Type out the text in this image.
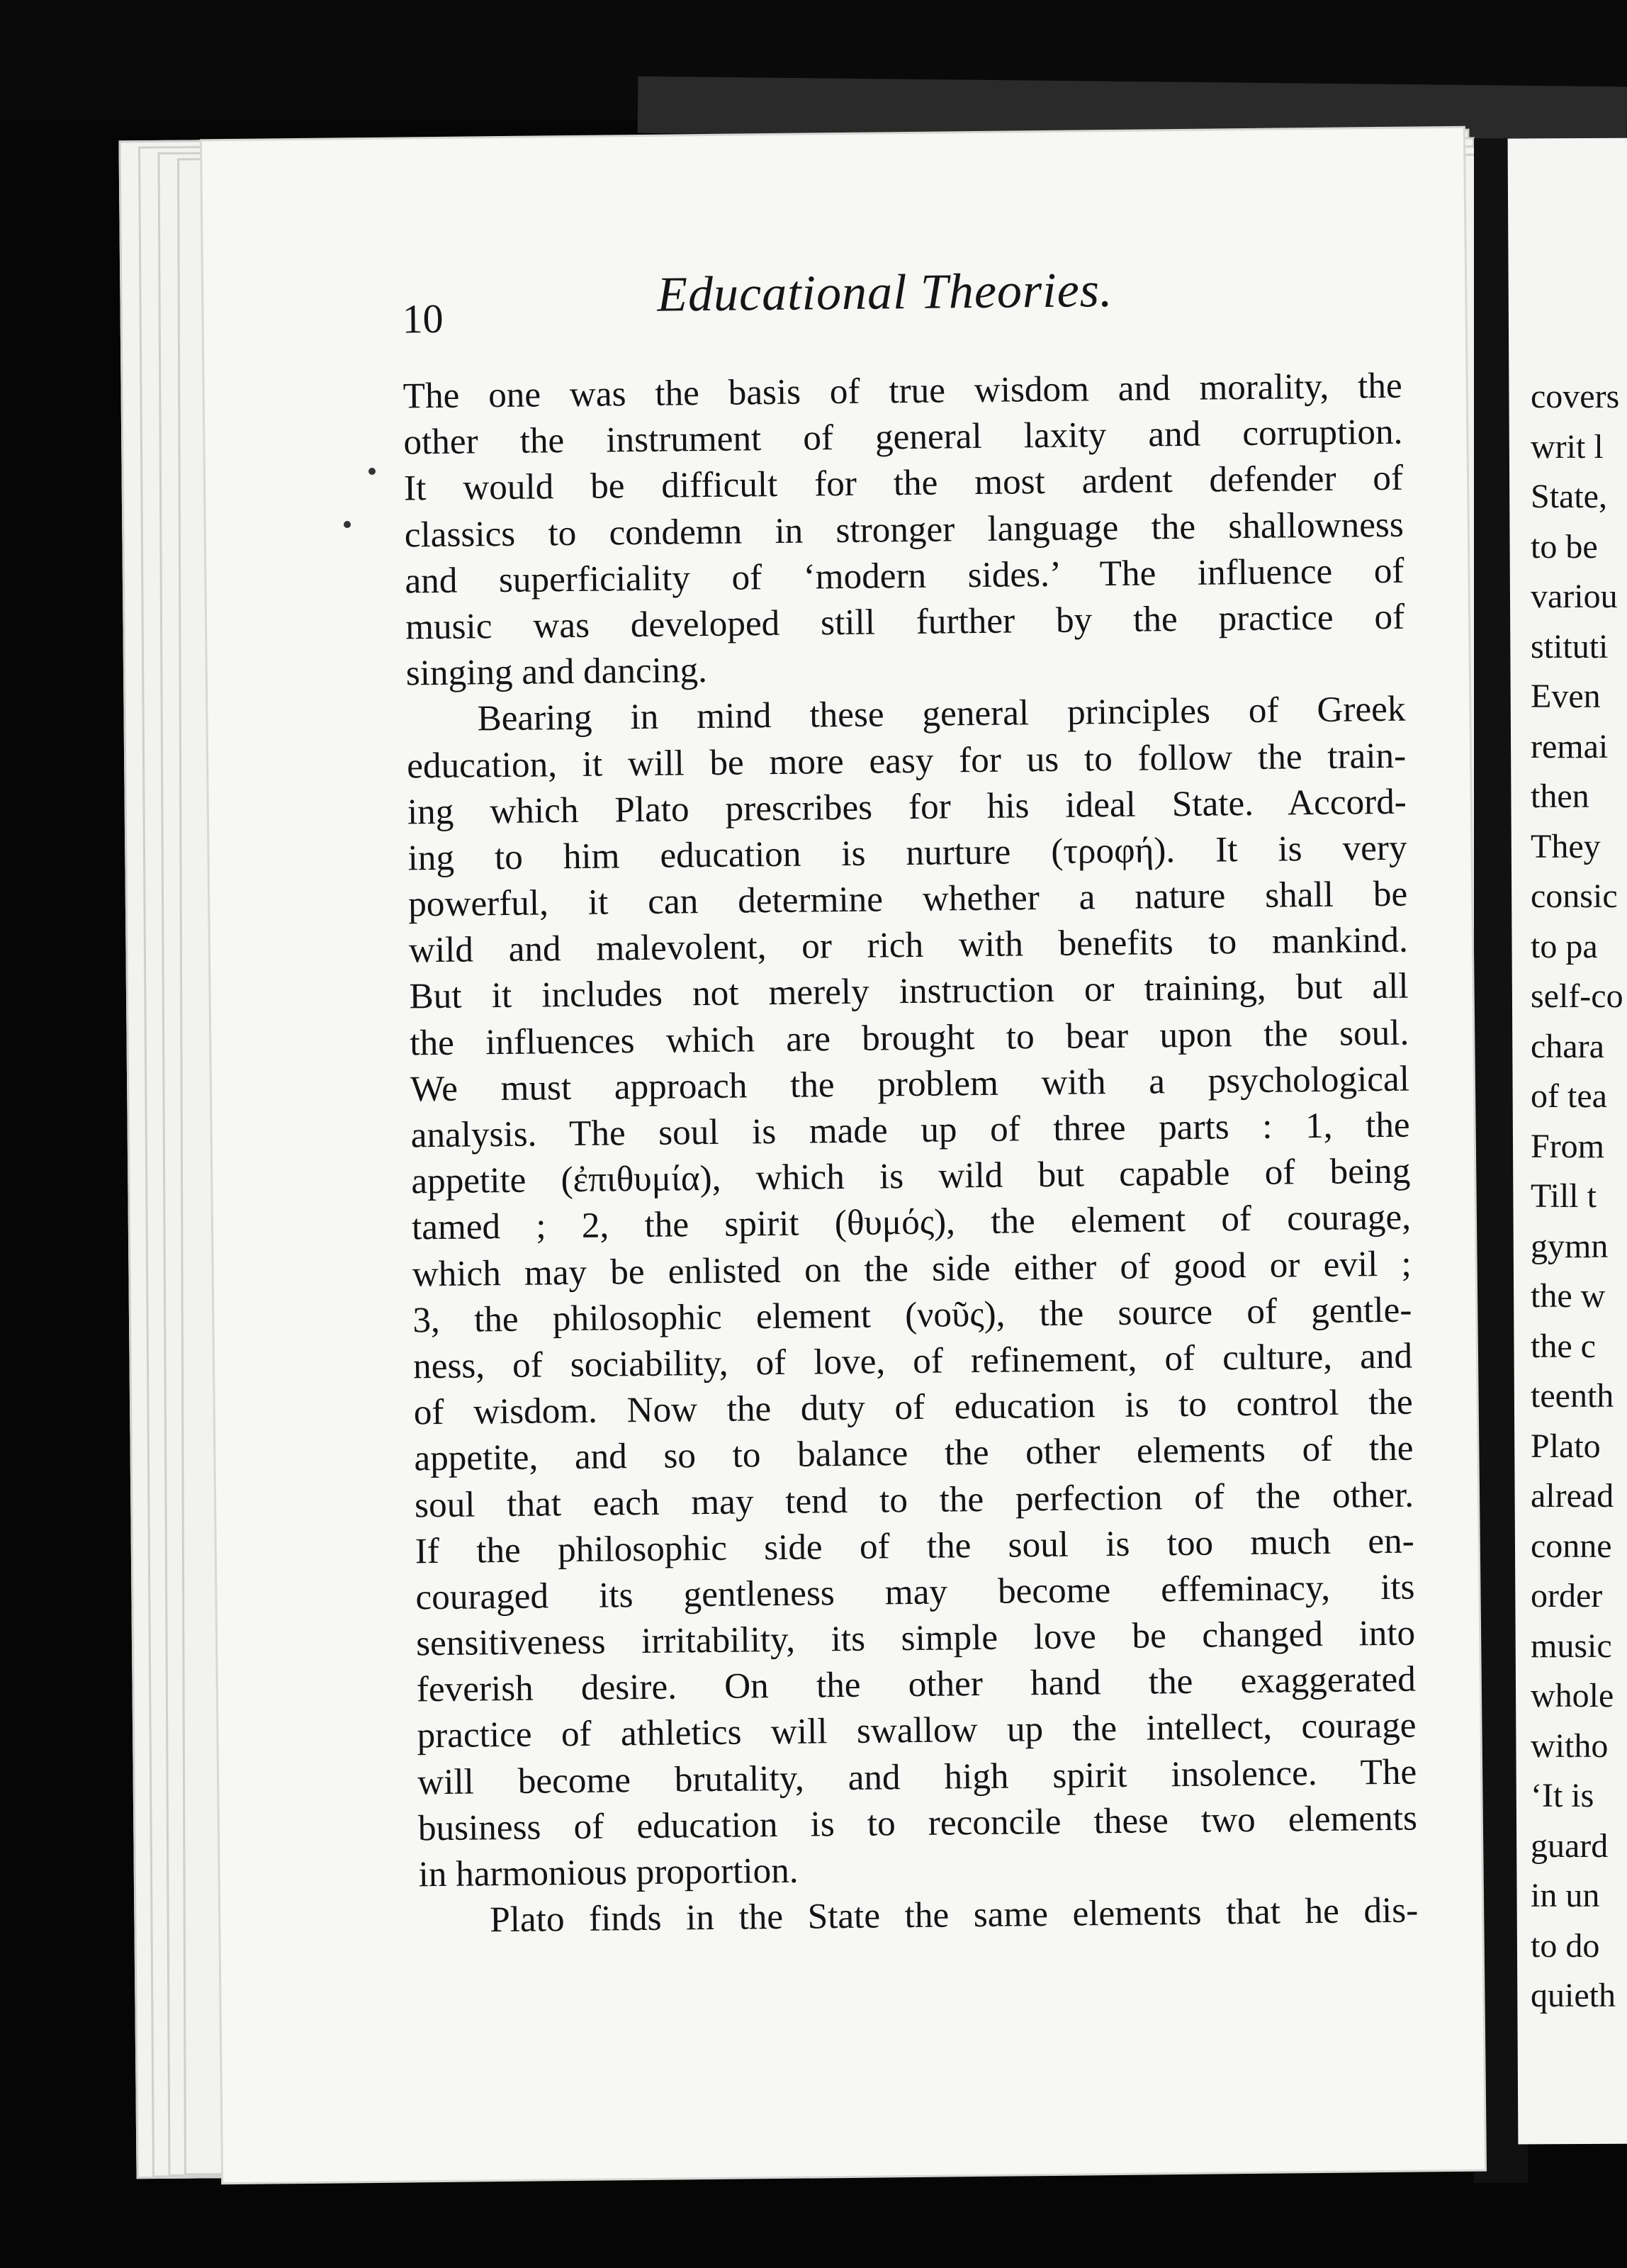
covers
writ l
State,
to be
variou
stituti
Even
remai
then
They
consic
to pa
self-co
chara
of tea
From
Till t
gymn
the w
the c
teenth
Plato
alread
conne
order
music
whole
witho
‘It is
guard
in un
to do
quieth
10	Educational Theories.
The one was the basis of true wisdom and morality, the
other the instrument of general laxity and corruption.
It would be difficult for the most ardent defender of
classics to condemn in stronger language the shallowness
and superficiality of ‘modern sides.’ The influence of
music was developed still further by the practice of
singing and dancing.
Bearing in mind these general principles of Greek
education, it will be more easy for us to follow the train-
ing which Plato prescribes for his ideal State. Accord-
ing to him education is nurture (τροφή). It is very
powerful, it can determine whether a nature shall be
wild and malevolent, or rich with benefits to mankind.
But it includes not merely instruction or training, but all
the influences which are brought to bear upon the soul.
We must approach the problem with a psychological
analysis. The soul is made up of three parts : 1, the
appetite (ἐπιθυμία), which is wild but capable of being
tamed ; 2, the spirit (θυμός), the element of courage,
which may be enlisted on the side either of good or evil ;
3, the philosophic element (νοῦς), the source of gentle-
ness, of sociability, of love, of refinement, of culture, and
of wisdom. Now the duty of education is to control the
appetite, and so to balance the other elements of the
soul that each may tend to the perfection of the other.
If the philosophic side of the soul is too much en-
couraged its gentleness may become effeminacy, its
sensitiveness irritability, its simple love be changed into
feverish desire. On the other hand the exaggerated
practice of athletics will swallow up the intellect, courage
will become brutality, and high spirit insolence. The
business of education is to reconcile these two elements
in harmonious proportion.
Plato finds in the State the same elements that he dis-
